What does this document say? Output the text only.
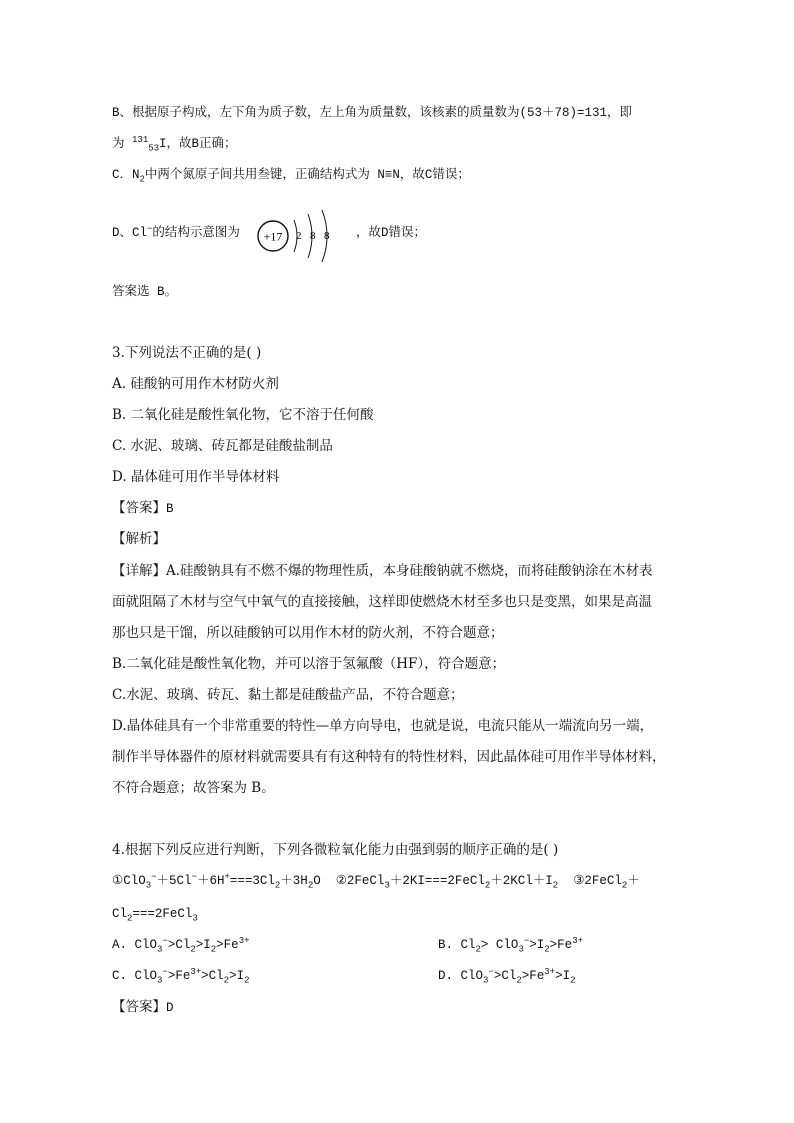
B、根据原子构成，左下角为质子数，左上角为质量数，该核素的质量数为(53＋78)=131，即
为 $^{131}_{53}$I，故B正确；
C．$N_2$中两个氮原子间共用叁键，正确结构式为 N≡N，故C错误；
D、Cl−的结构示意图为 +17 2 8 8 ，故D错误；
答案选 B。
3.下列说法不正确的是( )
A. 硅酸钠可用作木材防火剂
B. 二氧化硅是酸性氧化物，它不溶于任何酸
C. 水泥、玻璃、砖瓦都是硅酸盐制品
D. 晶体硅可用作半导体材料
【答案】B
【解析】
【详解】A.硅酸钠具有不燃不爆的物理性质，本身硅酸钠就不燃烧，而将硅酸钠涂在木材表
面就阻隔了木材与空气中氧气的直接接触，这样即使燃烧木材至多也只是变黑，如果是高温
那也只是干馏，所以硅酸钠可以用作木材的防火剂，不符合题意；
B.二氧化硅是酸性氧化物，并可以溶于氢氟酸（HF），符合题意；
C.水泥、玻璃、砖瓦、黏土都是硅酸盐产品，不符合题意；
D.晶体硅具有一个非常重要的特性—单方向导电，也就是说，电流只能从一端流向另一端，
制作半导体器件的原材料就需要具有有这种特有的特性材料，因此晶体硅可用作半导体材料，
不符合题意；故答案为 B。
4.根据下列反应进行判断，下列各微粒氧化能力由强到弱的顺序正确的是( )
$①ClO_3^-+5Cl^-+6H^+===3Cl_2+3H_2O$  $②2FeCl_3+2KI===2FeCl_2+2KCl+I_2$  ③2FeCl$_2$＋
$Cl_2===2FeCl_3$
A. $ClO_3^->Cl_2>I_2>Fe^{3+}$	B. $Cl_2> ClO_3^->I_2>Fe^{3+}$
C. $ClO_3^->Fe^{3+}>Cl_2>I_2$	D. $ClO_3^->Cl_2>Fe^{3+}>I_2$
【答案】D
